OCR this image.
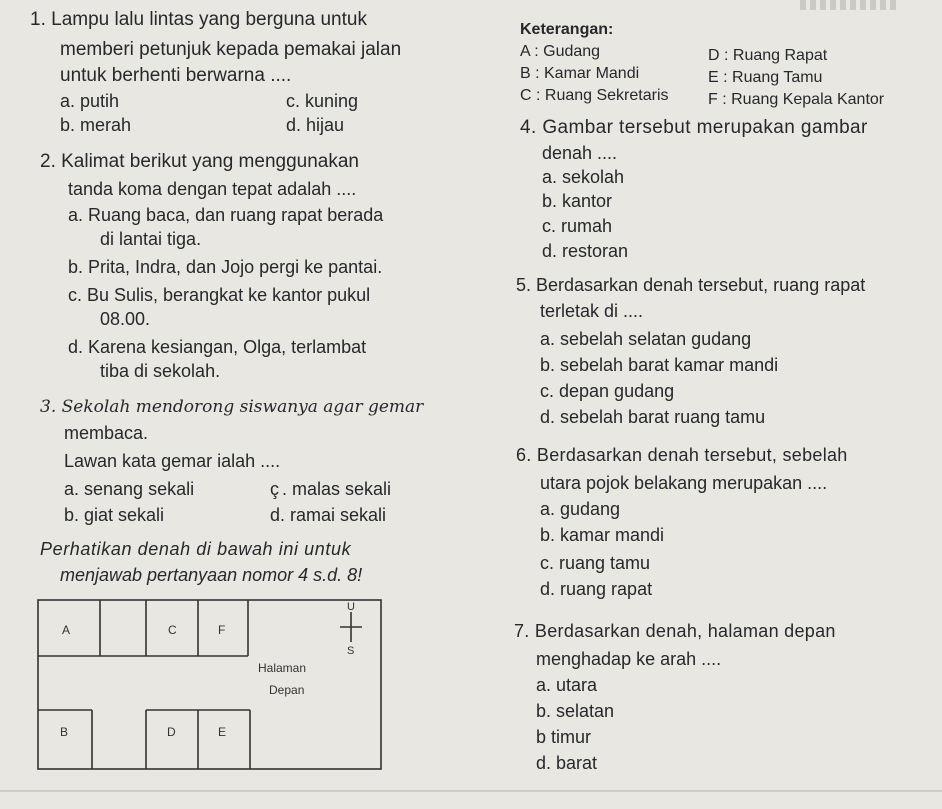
1. Lampu lalu lintas yang berguna untuk
memberi petunjuk kepada pemakai jalan
untuk berhenti berwarna ....
a. putih	c. kuning
b. merah	d. hijau
2. Kalimat berikut yang menggunakan
tanda koma dengan tepat adalah ....
a. Ruang baca, dan ruang rapat berada
di lantai tiga.
b. Prita, Indra, dan Jojo pergi ke pantai.
c. Bu Sulis, berangkat ke kantor pukul
08.00.
d. Karena kesiangan, Olga, terlambat
tiba di sekolah.
3. Sekolah mendorong siswanya agar gemar
membaca.
Lawan kata gemar ialah ....
a. senang sekali	ç . malas sekali
b. giat sekali	d. ramai sekali
Perhatikan denah di bawah ini untuk
menjawab pertanyaan nomor 4 s.d. 8!
Keterangan:
A : Gudang
B : Kamar Mandi
C : Ruang Sekretaris
D : Ruang Rapat
E : Ruang Tamu
F : Ruang Kepala Kantor
4. Gambar tersebut merupakan gambar
denah ....
a. sekolah
b. kantor
c. rumah
d. restoran
5. Berdasarkan denah tersebut, ruang rapat
terletak di ....
a. sebelah selatan gudang
b. sebelah barat kamar mandi
c. depan gudang
d. sebelah barat ruang tamu
6. Berdasarkan denah tersebut, sebelah
utara pojok belakang merupakan ....
a. gudang
b. kamar mandi
c. ruang tamu
d. ruang rapat
7. Berdasarkan denah, halaman depan
menghadap ke arah ....
a. utara
b. selatan
b timur
d. barat
A	C	F
Halaman
Depan
B	D	E
U
S
